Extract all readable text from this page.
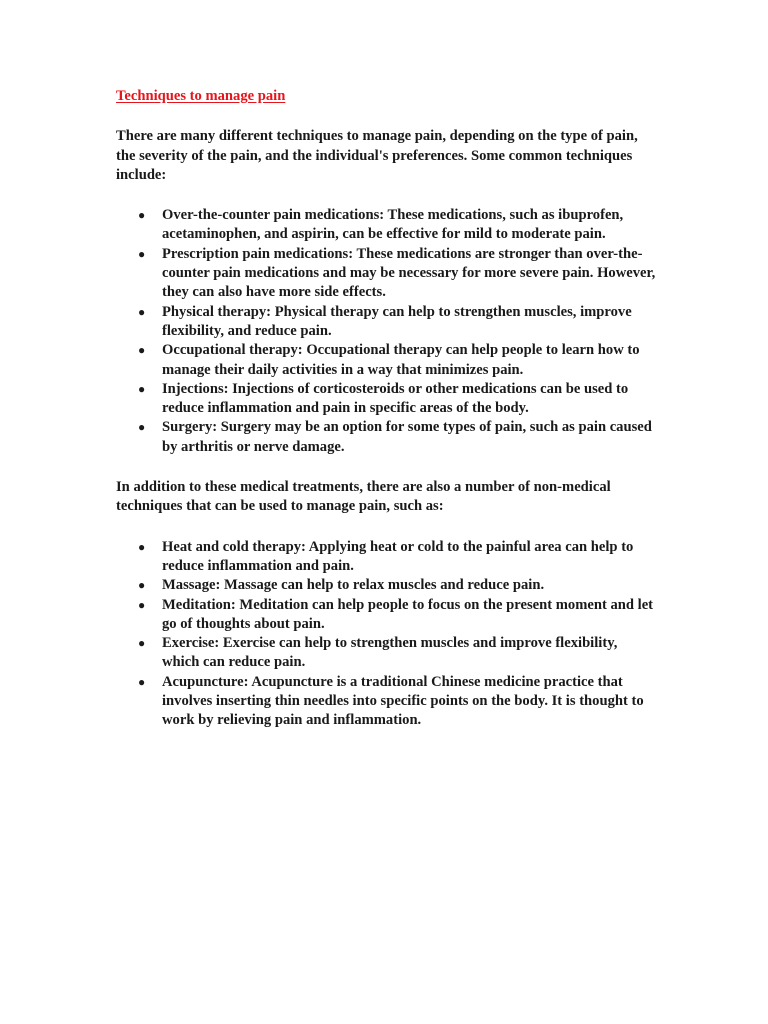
Techniques to manage pain
There are many different techniques to manage pain, depending on the type of pain, the severity of the pain, and the individual's preferences. Some common techniques include:
● Over-the-counter pain medications: These medications, such as ibuprofen, acetaminophen, and aspirin, can be effective for mild to moderate pain.
● Prescription pain medications: These medications are stronger than over-the-counter pain medications and may be necessary for more severe pain. However, they can also have more side effects.
● Physical therapy: Physical therapy can help to strengthen muscles, improve flexibility, and reduce pain.
● Occupational therapy: Occupational therapy can help people to learn how to manage their daily activities in a way that minimizes pain.
● Injections: Injections of corticosteroids or other medications can be used to reduce inflammation and pain in specific areas of the body.
● Surgery: Surgery may be an option for some types of pain, such as pain caused by arthritis or nerve damage.
In addition to these medical treatments, there are also a number of non-medical techniques that can be used to manage pain, such as:
● Heat and cold therapy: Applying heat or cold to the painful area can help to reduce inflammation and pain.
● Massage: Massage can help to relax muscles and reduce pain.
● Meditation: Meditation can help people to focus on the present moment and let go of thoughts about pain.
● Exercise: Exercise can help to strengthen muscles and improve flexibility, which can reduce pain.
● Acupuncture: Acupuncture is a traditional Chinese medicine practice that involves inserting thin needles into specific points on the body. It is thought to work by relieving pain and inflammation.
